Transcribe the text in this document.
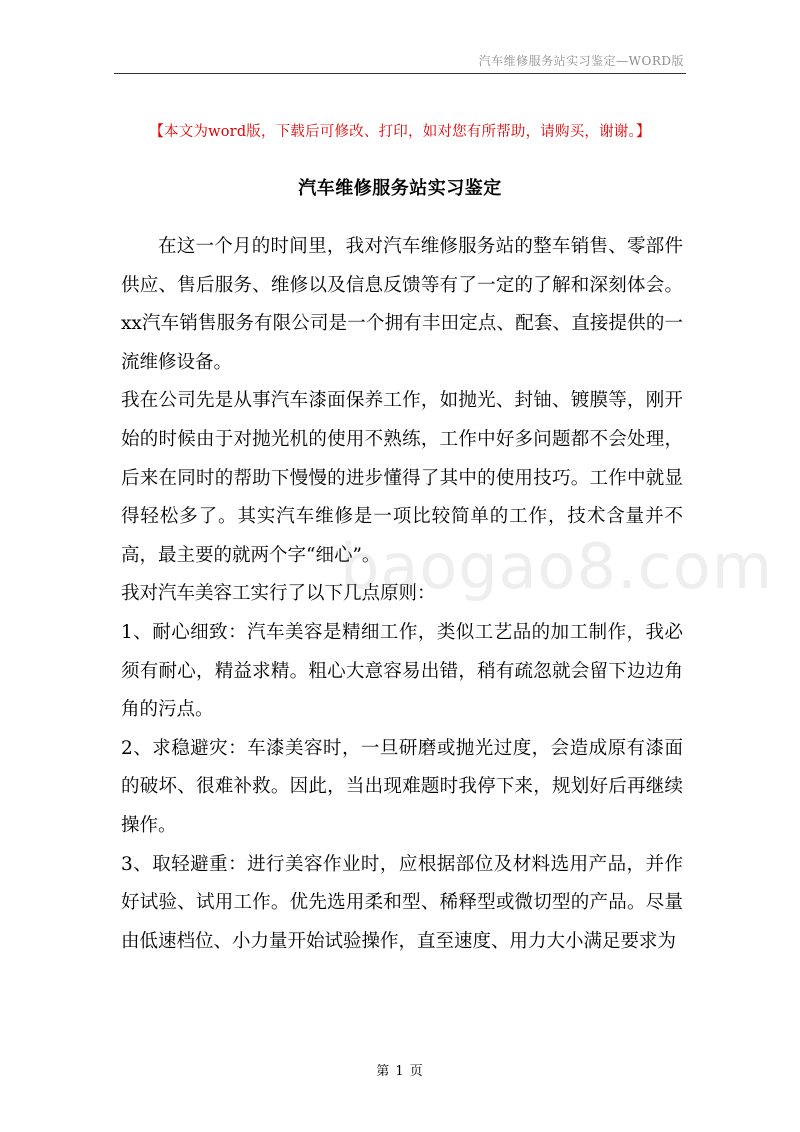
汽车维修服务站实习鉴定—WORD版
【本文为word版，下载后可修改、打印，如对您有所帮助，请购买，谢谢。】
汽车维修服务站实习鉴定

在这一个月的时间里，我对汽车维修服务站的整车销售、零部件供应、售后服务、维修以及信息反馈等有了一定的了解和深刻体会。xx汽车销售服务有限公司是一个拥有丰田定点、配套、直接提供的一流维修设备。

我在公司先是从事汽车漆面保养工作，如抛光、封铀、镀膜等，刚开始的时候由于对抛光机的使用不熟练，工作中好多问题都不会处理，后来在同时的帮助下慢慢的进步懂得了其中的使用技巧。工作中就显得轻松多了。其实汽车维修是一项比较简单的工作，技术含量并不高，最主要的就两个字“细心”。

我对汽车美容工实行了以下几点原则：

1、耐心细致：汽车美容是精细工作，类似工艺品的加工制作，我必须有耐心，精益求精。粗心大意容易出错，稍有疏忽就会留下边边角角的污点。

2、求稳避灾：车漆美容时，一旦研磨或抛光过度，会造成原有漆面的破坏、很难补救。因此，当出现难题时我停下来，规划好后再继续操作。

3、取轻避重：进行美容作业时，应根据部位及材料选用产品，并作好试验、试用工作。优先选用柔和型、稀释型或微切型的产品。尽量由低速档位、小力量开始试验操作，直至速度、用力大小满足要求为

baogao8.com
第 1 页
